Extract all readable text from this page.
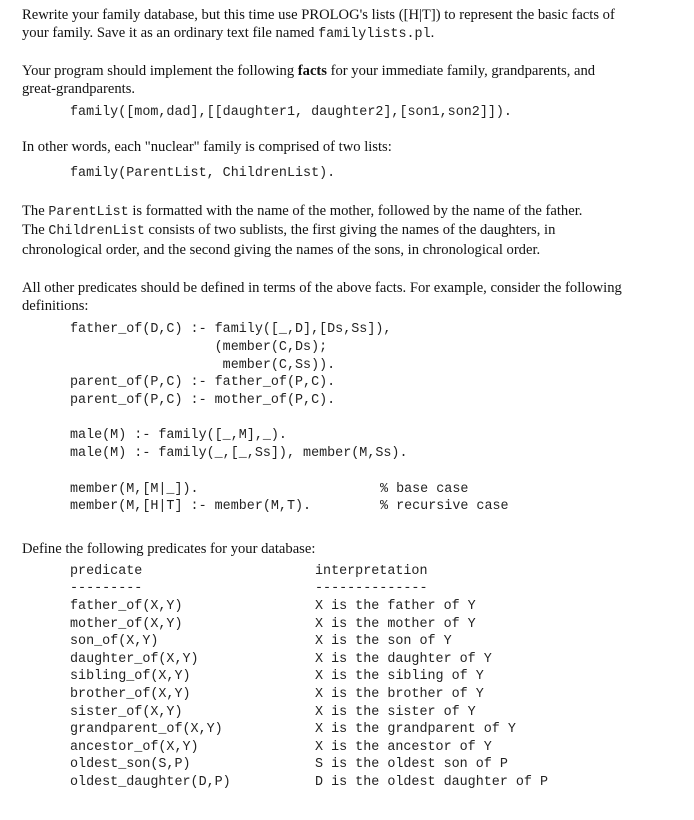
Rewrite your family database, but this time use PROLOG's lists ([H|T]) to represent the basic facts of
your family. Save it as an ordinary text file named familylists.pl.

Your program should implement the following facts for your immediate family, grandparents, and
great-grandparents.

family([mom,dad],[[daughter1, daughter2],[son1,son2]]).

In other words, each "nuclear" family is comprised of two lists:

family(ParentList, ChildrenList).

The ParentList is formatted with the name of the mother, followed by the name of the father.
The ChildrenList consists of two sublists, the first giving the names of the daughters, in
chronological order, and the second giving the names of the sons, in chronological order.

All other predicates should be defined in terms of the above facts. For example, consider the following
definitions:

father_of(D,C) :- family([_,D],[Ds,Ss]),
(member(C,Ds);
member(C,Ss)).
parent_of(P,C) :- father_of(P,C).
parent_of(P,C) :- mother_of(P,C).
male(M) :- family([_,M],_).
male(M) :- family(_,[_,Ss]), member(M,Ss).
member(M,[M|_]).	% base case
member(M,[H|T] :- member(M,T).	% recursive case

Define the following predicates for your database:

predicate	interpretation
---------	--------------
father_of(X,Y)	X is the father of Y
mother_of(X,Y)	X is the mother of Y
son_of(X,Y)	X is the son of Y
daughter_of(X,Y)	X is the daughter of Y
sibling_of(X,Y)	X is the sibling of Y
brother_of(X,Y)	X is the brother of Y
sister_of(X,Y)	X is the sister of Y
grandparent_of(X,Y)	X is the grandparent of Y
ancestor_of(X,Y)	X is the ancestor of Y
oldest_son(S,P)	S is the oldest son of P
oldest_daughter(D,P)	D is the oldest daughter of P
